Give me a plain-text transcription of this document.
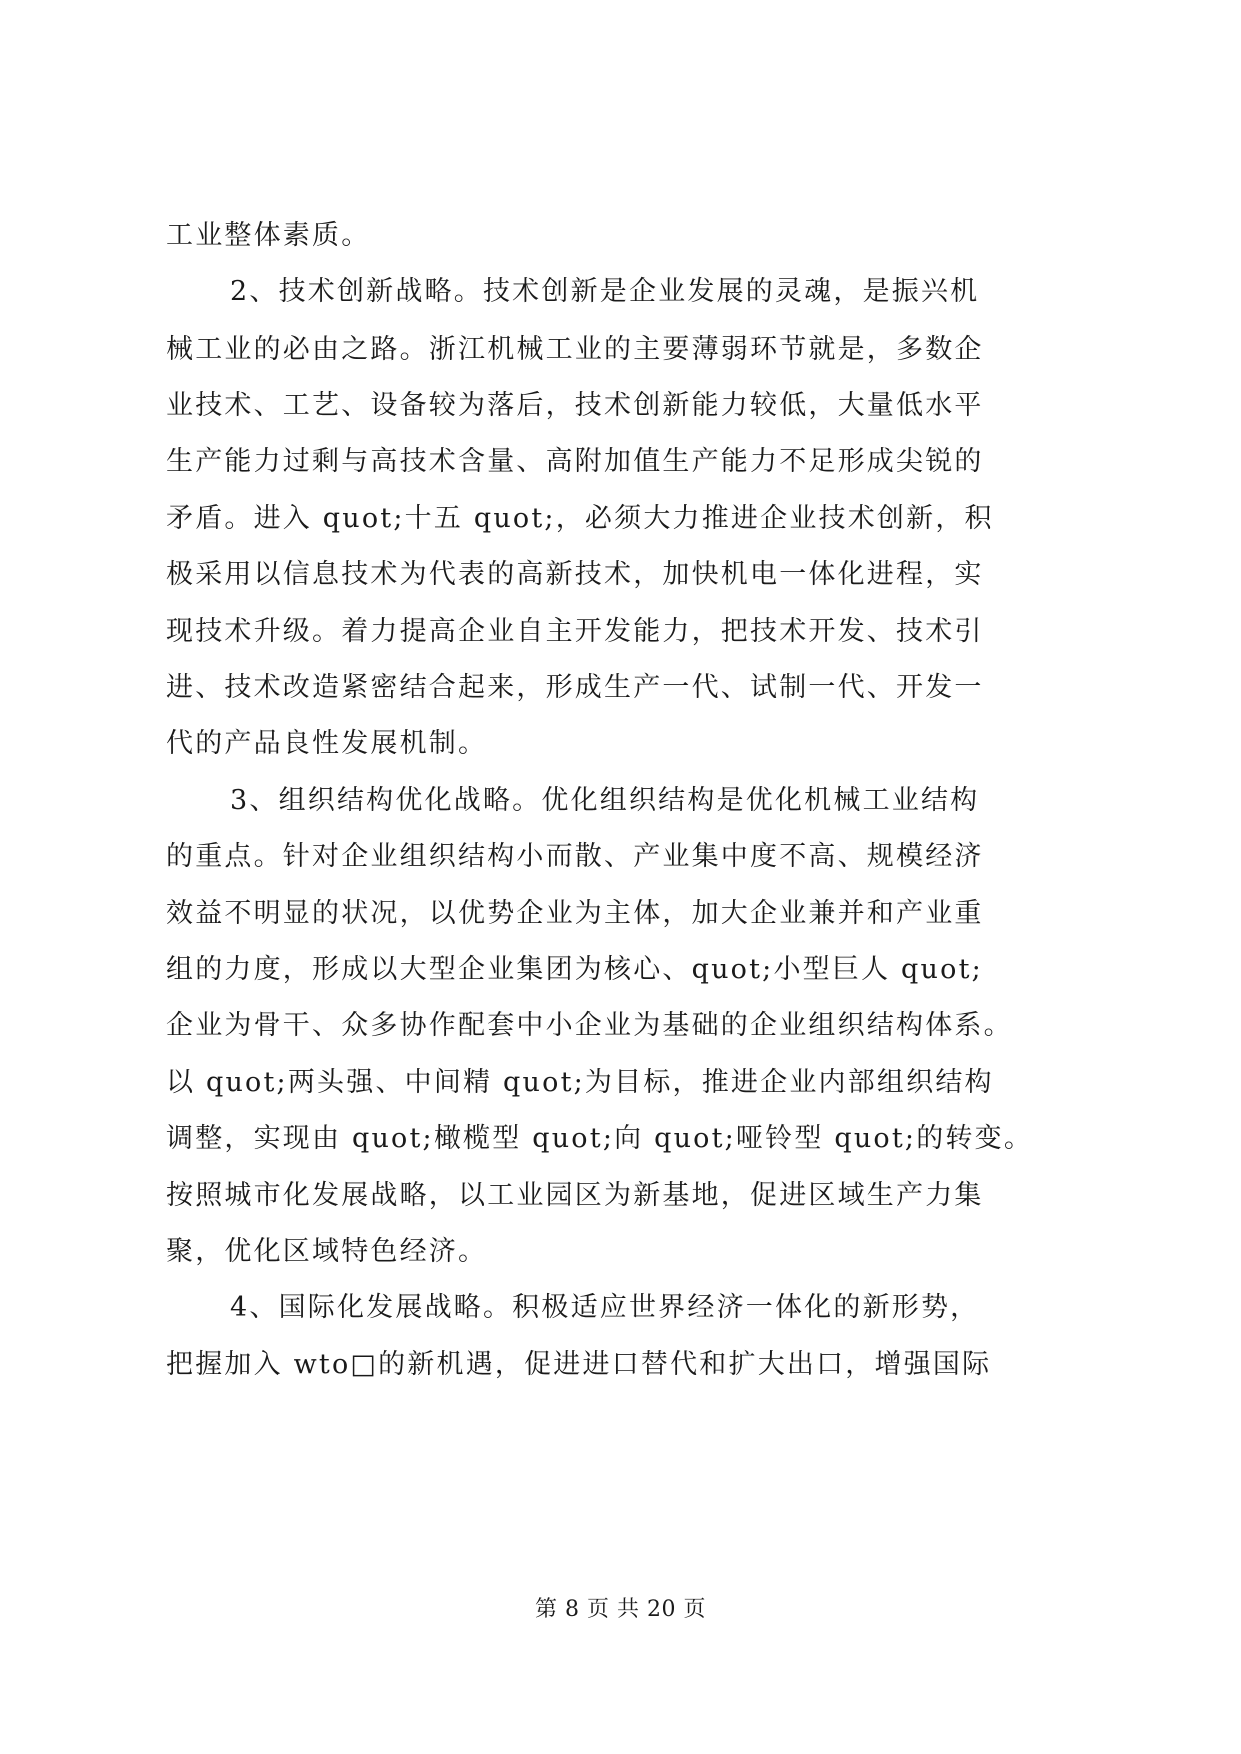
工业整体素质。
2、技术创新战略。技术创新是企业发展的灵魂，是振兴机
械工业的必由之路。浙江机械工业的主要薄弱环节就是，多数企
业技术、工艺、设备较为落后，技术创新能力较低，大量低水平
生产能力过剩与高技术含量、高附加值生产能力不足形成尖锐的
矛盾。进入 quot;十五 quot;，必须大力推进企业技术创新，积
极采用以信息技术为代表的高新技术，加快机电一体化进程，实
现技术升级。着力提高企业自主开发能力，把技术开发、技术引
进、技术改造紧密结合起来，形成生产一代、试制一代、开发一
代的产品良性发展机制。
3、组织结构优化战略。优化组织结构是优化机械工业结构
的重点。针对企业组织结构小而散、产业集中度不高、规模经济
效益不明显的状况，以优势企业为主体，加大企业兼并和产业重
组的力度，形成以大型企业集团为核心、quot;小型巨人 quot;
企业为骨干、众多协作配套中小企业为基础的企业组织结构体系。
以 quot;两头强、中间精 quot;为目标，推进企业内部组织结构
调整，实现由 quot;橄榄型 quot;向 quot;哑铃型 quot;的转变。
按照城市化发展战略，以工业园区为新基地，促进区域生产力集
聚，优化区域特色经济。
4、国际化发展战略。积极适应世界经济一体化的新形势，
把握加入 wto□的新机遇，促进进口替代和扩大出口，增强国际
第 8 页 共 20 页
